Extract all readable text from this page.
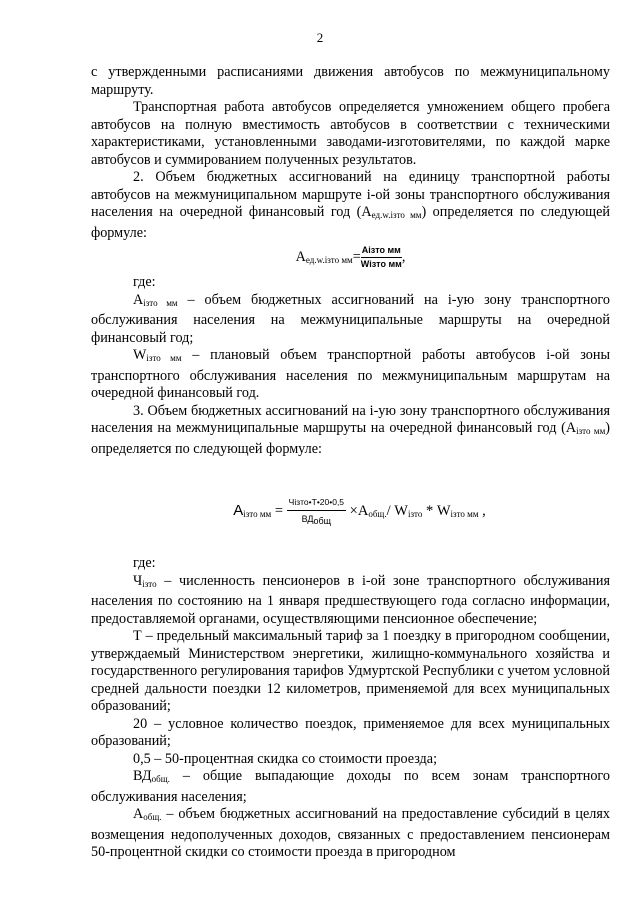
2

с утвержденными расписаниями движения автобусов по межмуниципальному маршруту.

Транспортная работа автобусов определяется умножением общего пробега автобусов на полную вместимость автобусов в соответствии с техническими характеристиками, установленными заводами-изготовителями, по каждой марке автобусов и суммированием полученных результатов.

2. Объем бюджетных ассигнований на единицу транспортной работы автобусов на межмуниципальном маршруте i-ой зоны транспортного обслуживания населения на очередной финансовый год $(А_{ед.w.iзто мм})$ определяется по следующей формуле:

$А_{ед.w.iзто мм}= \frac{\text{Aiзто мм}}{\text{Wiзто мм}}$ ,

где:

$А_{iзто мм}$ – объем бюджетных ассигнований на i-ую зону транспортного обслуживания населения на межмуниципальные маршруты на очередной финансовый год;

$W_{iзто мм}$ – плановый объем транспортной работы автобусов i-ой зоны транспортного обслуживания населения по межмуниципальным маршрутам на очередной финансовый год.

3. Объем бюджетных ассигнований на i-ую зону транспортного обслуживания населения на межмуниципальные маршруты на очередной финансовый год $(А_{iзто мм})$ определяется по следующей формуле:

$A_{iзто мм} = \frac{\text{Чiзто•T•20•0,5}}{\text{ВДобщ}} \times А_{общ.}/$ $W_{iзто} * W_{iзто мм}$ ,

где:

$Ч_{iзто}$ – численность пенсионеров в i-ой зоне транспортного обслуживания населения по состоянию на 1 января предшествующего года согласно информации, предоставляемой органами, осуществляющими пенсионное обеспечение;

Т – предельный максимальный тариф за 1 поездку в пригородном сообщении, утверждаемый Министерством энергетики, жилищно-коммунального хозяйства и государственного регулирования тарифов Удмуртской Республики с учетом условной средней дальности поездки 12 километров, применяемой для всех муниципальных образований;

20 – условное количество поездок, применяемое для всех муниципальных образований;

0,5 – 50-процентная скидка со стоимости проезда;

$ВД_{общ.}$ – общие выпадающие доходы по всем зонам транспортного обслуживания населения;

$А_{общ.}$ – объем бюджетных ассигнований на предоставление субсидий в целях возмещения недополученных доходов, связанных с предоставлением пенсионерам 50-процентной скидки со стоимости проезда в пригородном
